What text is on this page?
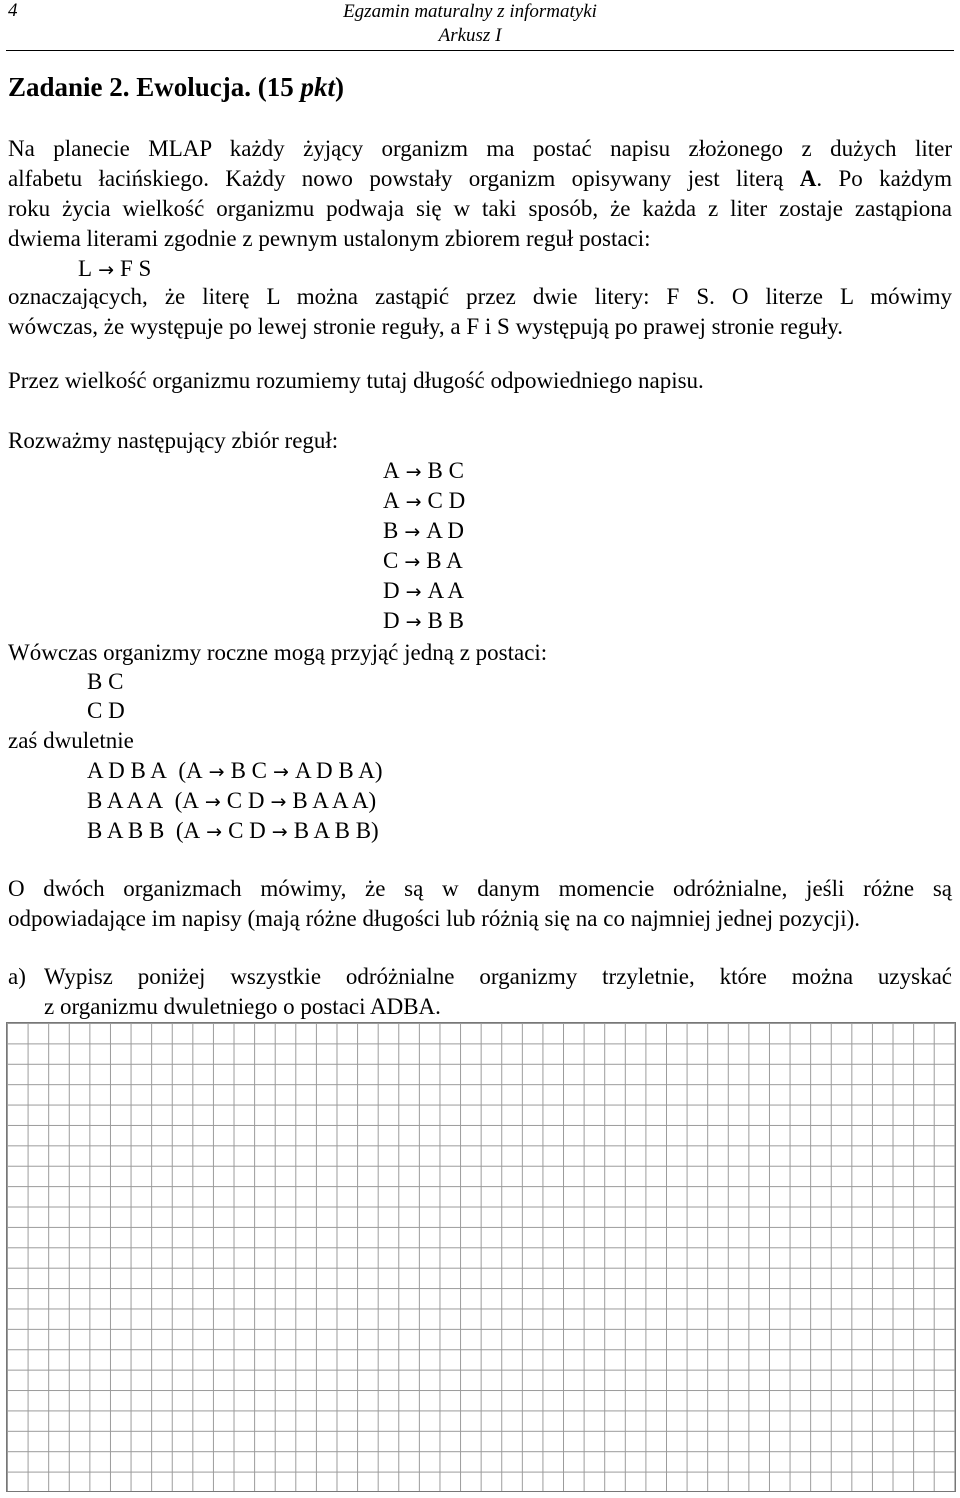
4	Egzamin maturalny z informatyki
Arkusz I
Zadanie 2. Ewolucja. (15 pkt)
Na planecie MLAP każdy żyjący organizm ma postać napisu złożonego z dużych liter
alfabetu łacińskiego. Każdy nowo powstały organizm opisywany jest literą A. Po każdym
roku życia wielkość organizmu podwaja się w taki sposób, że każda z liter zostaje zastąpiona
dwiema literami zgodnie z pewnym ustalonym zbiorem reguł postaci:
L → F S
oznaczających, że literę L można zastąpić przez dwie litery: F S. O literze L mówimy
wówczas, że występuje po lewej stronie reguły, a F i S występują po prawej stronie reguły.
Przez wielkość organizmu rozumiemy tutaj długość odpowiedniego napisu.
Rozważmy następujący zbiór reguł:
A → B C
A → C D
B → A D
C → B A
D → A A
D → B B
Wówczas organizmy roczne mogą przyjąć jedną z postaci:
B C
C D
zaś dwuletnie
A D B A (A → B C → A D B A)
B A A A (A → C D → B A A A)
B A B B (A → C D → B A B B)
O dwóch organizmach mówimy, że są w danym momencie odróżnialne, jeśli różne są
odpowiadające im napisy (mają różne długości lub różnią się na co najmniej jednej pozycji).
a) Wypisz poniżej wszystkie odróżnialne organizmy trzyletnie, które można uzyskać
z organizmu dwuletniego o postaci ADBA.
